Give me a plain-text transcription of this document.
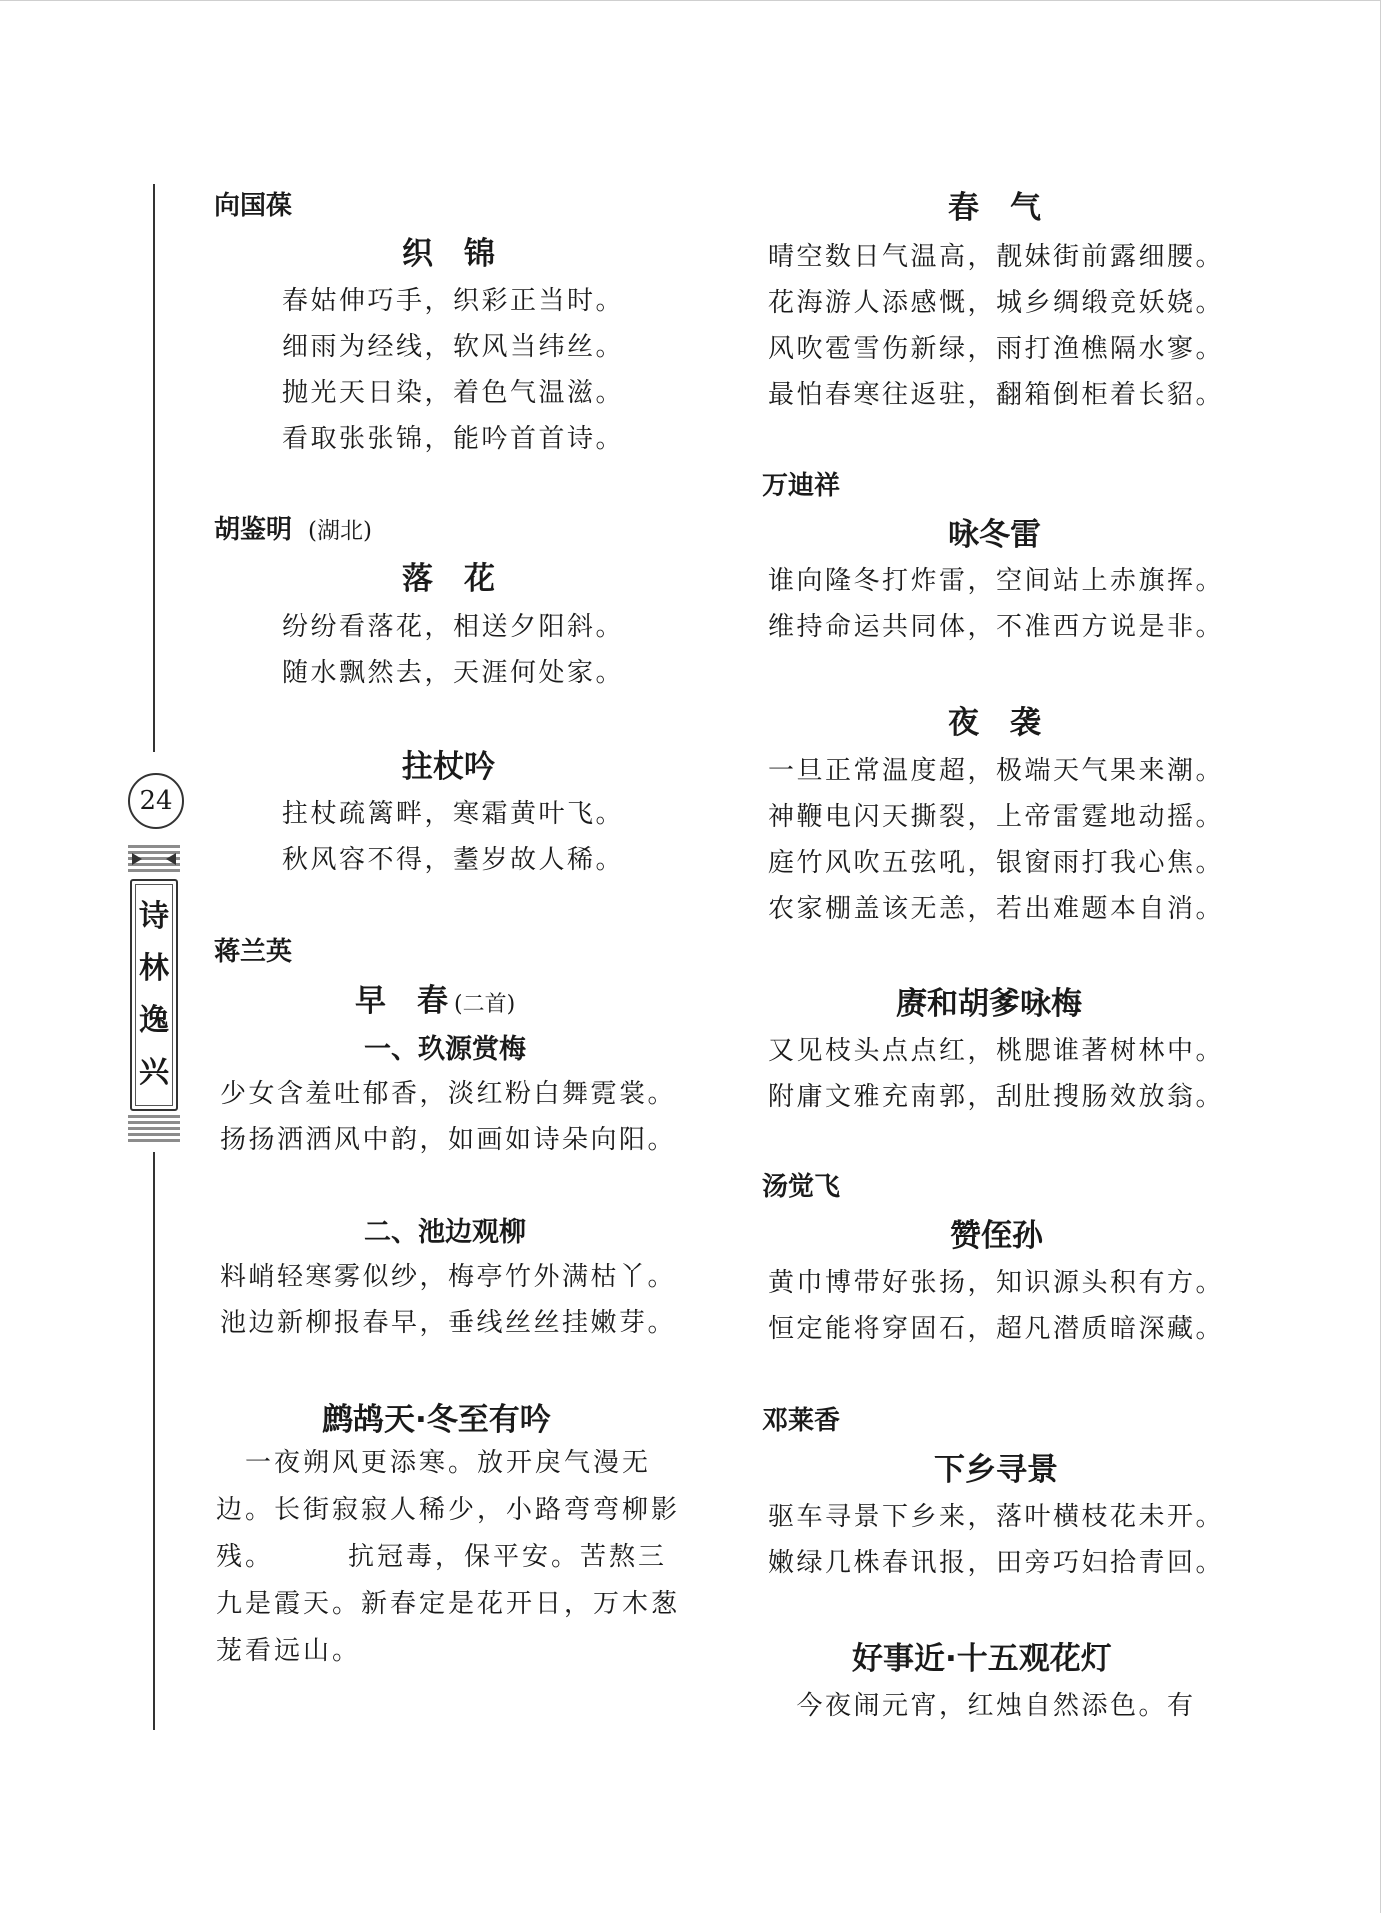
24
诗
林
逸
兴
向国葆
织　锦
春姑伸巧手，织彩正当时。
细雨为经线，软风当纬丝。
抛光天日染，着色气温滋。
看取张张锦，能吟首首诗。
胡鉴明 (湖北)
落　花
纷纷看落花，相送夕阳斜。
随水飘然去，天涯何处家。
拄杖吟
拄杖疏篱畔，寒霜黄叶飞。
秋风容不得，耋岁故人稀。
蒋兰英
早　春 (二首)
一、玖源赏梅
少女含羞吐郁香，淡红粉白舞霓裳。
扬扬洒洒风中韵，如画如诗朵向阳。
二、池边观柳
料峭轻寒雾似纱，梅亭竹外满枯丫。
池边新柳报春早，垂线丝丝挂嫩芽。
鹧鸪天·冬至有吟

　一夜朔风更添寒。放开戾气漫无

边。长街寂寂人稀少，小路弯弯柳影

残。　　　抗冠毒，保平安。苦熬三

九是霞天。新春定是花开日，万木葱

茏看远山。

春　气
晴空数日气温高，靓妹街前露细腰。
花海游人添感慨，城乡绸缎竞妖娆。
风吹雹雪伤新绿，雨打渔樵隔水寥。
最怕春寒往返驻，翻箱倒柜着长貂。
万迪祥
咏冬雷
谁向隆冬打炸雷，空间站上赤旗挥。
维持命运共同体，不准西方说是非。
夜　袭
一旦正常温度超，极端天气果来潮。
神鞭电闪天撕裂，上帝雷霆地动摇。
庭竹风吹五弦吼，银窗雨打我心焦。
农家棚盖该无恙，若出难题本自消。
赓和胡爹咏梅
又见枝头点点红，桃腮谁著树林中。
附庸文雅充南郭，刮肚搜肠效放翁。
汤觉飞
赞侄孙
黄巾博带好张扬，知识源头积有方。
恒定能将穿固石，超凡潜质暗深藏。
邓莱香
下乡寻景
驱车寻景下乡来，落叶横枝花未开。
嫩绿几株春讯报，田旁巧妇拾青回。
好事近·十五观花灯
　今夜闹元宵，红烛自然添色。有
